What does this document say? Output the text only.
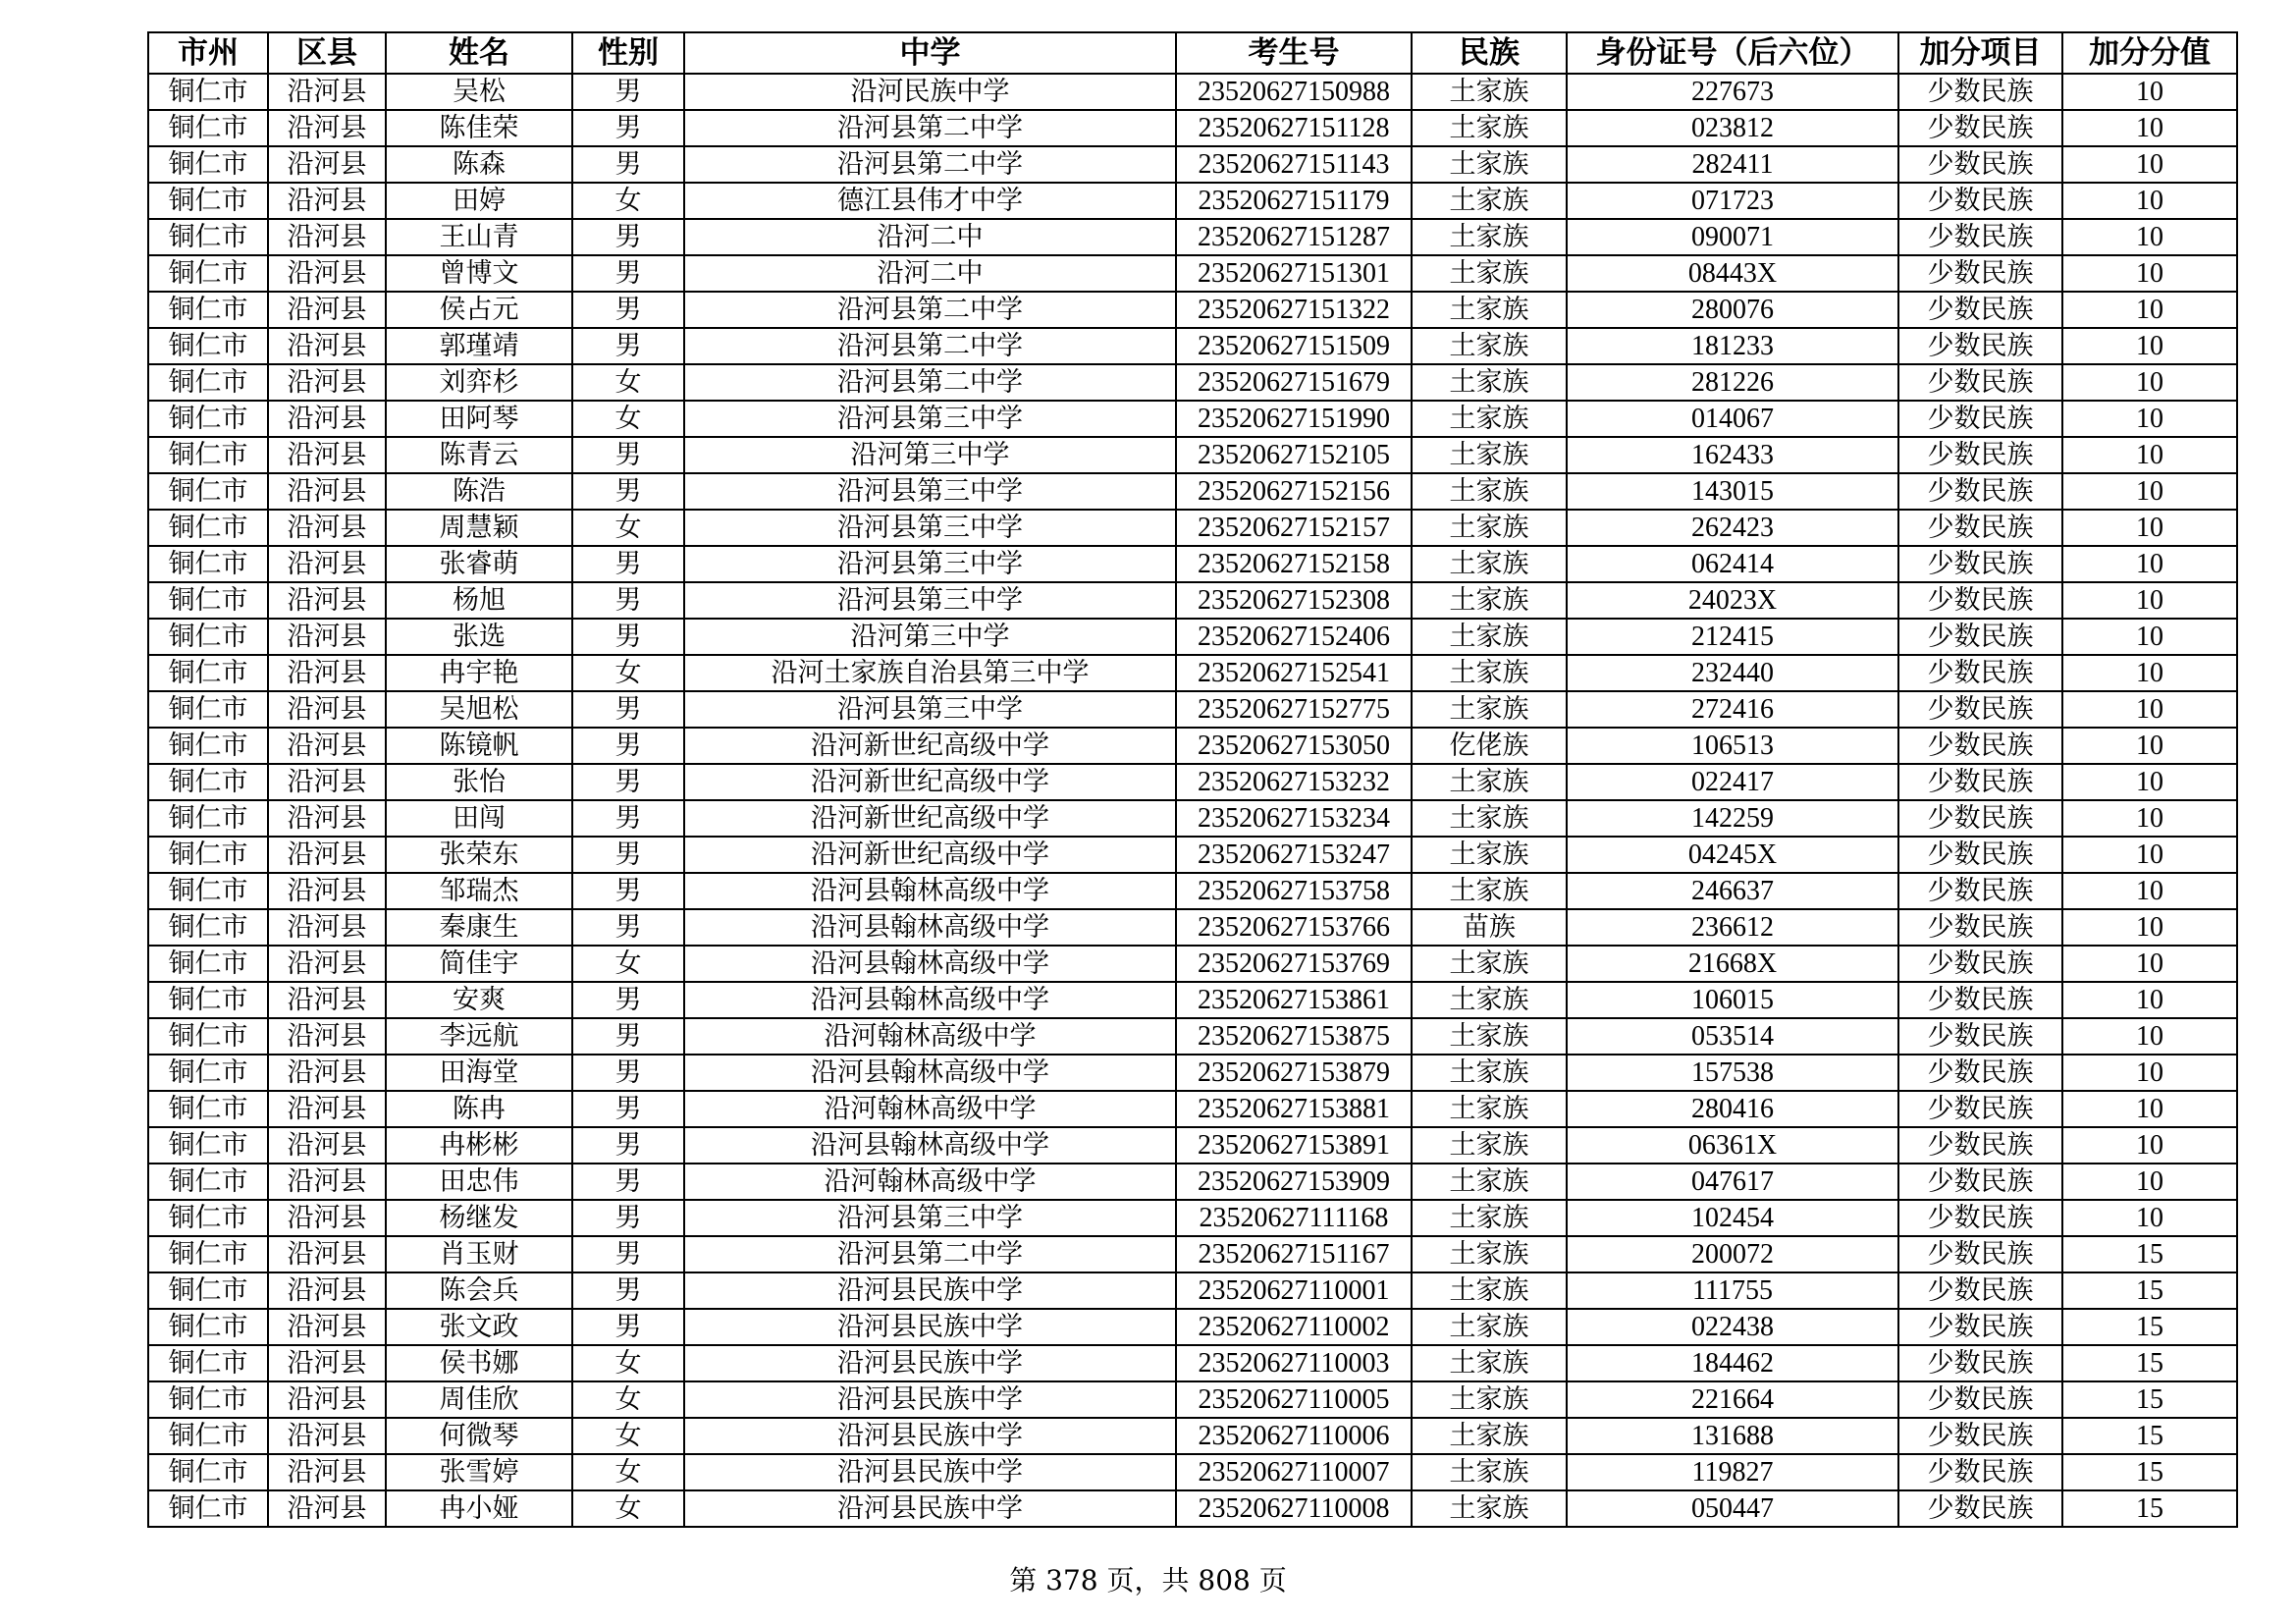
市州	区县	姓名	性别	中学	考生号	民族	身份证号（后六位）	加分项目	加分分值
铜仁市	沿河县	吴松	男	沿河民族中学	23520627150988	土家族	227673	少数民族	10
铜仁市	沿河县	陈佳荣	男	沿河县第二中学	23520627151128	土家族	023812	少数民族	10
铜仁市	沿河县	陈森	男	沿河县第二中学	23520627151143	土家族	282411	少数民族	10
铜仁市	沿河县	田婷	女	德江县伟才中学	23520627151179	土家族	071723	少数民族	10
铜仁市	沿河县	王山青	男	沿河二中	23520627151287	土家族	090071	少数民族	10
铜仁市	沿河县	曾博文	男	沿河二中	23520627151301	土家族	08443X	少数民族	10
铜仁市	沿河县	侯占元	男	沿河县第二中学	23520627151322	土家族	280076	少数民族	10
铜仁市	沿河县	郭瑾靖	男	沿河县第二中学	23520627151509	土家族	181233	少数民族	10
铜仁市	沿河县	刘弈杉	女	沿河县第二中学	23520627151679	土家族	281226	少数民族	10
铜仁市	沿河县	田阿琴	女	沿河县第三中学	23520627151990	土家族	014067	少数民族	10
铜仁市	沿河县	陈青云	男	沿河第三中学	23520627152105	土家族	162433	少数民族	10
铜仁市	沿河县	陈浩	男	沿河县第三中学	23520627152156	土家族	143015	少数民族	10
铜仁市	沿河县	周慧颖	女	沿河县第三中学	23520627152157	土家族	262423	少数民族	10
铜仁市	沿河县	张睿萌	男	沿河县第三中学	23520627152158	土家族	062414	少数民族	10
铜仁市	沿河县	杨旭	男	沿河县第三中学	23520627152308	土家族	24023X	少数民族	10
铜仁市	沿河县	张选	男	沿河第三中学	23520627152406	土家族	212415	少数民族	10
铜仁市	沿河县	冉宇艳	女	沿河土家族自治县第三中学	23520627152541	土家族	232440	少数民族	10
铜仁市	沿河县	吴旭松	男	沿河县第三中学	23520627152775	土家族	272416	少数民族	10
铜仁市	沿河县	陈镜帆	男	沿河新世纪高级中学	23520627153050	仡佬族	106513	少数民族	10
铜仁市	沿河县	张怡	男	沿河新世纪高级中学	23520627153232	土家族	022417	少数民族	10
铜仁市	沿河县	田闯	男	沿河新世纪高级中学	23520627153234	土家族	142259	少数民族	10
铜仁市	沿河县	张荣东	男	沿河新世纪高级中学	23520627153247	土家族	04245X	少数民族	10
铜仁市	沿河县	邹瑞杰	男	沿河县翰林高级中学	23520627153758	土家族	246637	少数民族	10
铜仁市	沿河县	秦康生	男	沿河县翰林高级中学	23520627153766	苗族	236612	少数民族	10
铜仁市	沿河县	简佳宇	女	沿河县翰林高级中学	23520627153769	土家族	21668X	少数民族	10
铜仁市	沿河县	安爽	男	沿河县翰林高级中学	23520627153861	土家族	106015	少数民族	10
铜仁市	沿河县	李远航	男	沿河翰林高级中学	23520627153875	土家族	053514	少数民族	10
铜仁市	沿河县	田海堂	男	沿河县翰林高级中学	23520627153879	土家族	157538	少数民族	10
铜仁市	沿河县	陈冉	男	沿河翰林高级中学	23520627153881	土家族	280416	少数民族	10
铜仁市	沿河县	冉彬彬	男	沿河县翰林高级中学	23520627153891	土家族	06361X	少数民族	10
铜仁市	沿河县	田忠伟	男	沿河翰林高级中学	23520627153909	土家族	047617	少数民族	10
铜仁市	沿河县	杨继发	男	沿河县第三中学	23520627111168	土家族	102454	少数民族	10
铜仁市	沿河县	肖玉财	男	沿河县第二中学	23520627151167	土家族	200072	少数民族	15
铜仁市	沿河县	陈会兵	男	沿河县民族中学	23520627110001	土家族	111755	少数民族	15
铜仁市	沿河县	张文政	男	沿河县民族中学	23520627110002	土家族	022438	少数民族	15
铜仁市	沿河县	侯书娜	女	沿河县民族中学	23520627110003	土家族	184462	少数民族	15
铜仁市	沿河县	周佳欣	女	沿河县民族中学	23520627110005	土家族	221664	少数民族	15
铜仁市	沿河县	何微琴	女	沿河县民族中学	23520627110006	土家族	131688	少数民族	15
铜仁市	沿河县	张雪婷	女	沿河县民族中学	23520627110007	土家族	119827	少数民族	15
铜仁市	沿河县	冉小娅	女	沿河县民族中学	23520627110008	土家族	050447	少数民族	15
第 378 页，共 808 页
